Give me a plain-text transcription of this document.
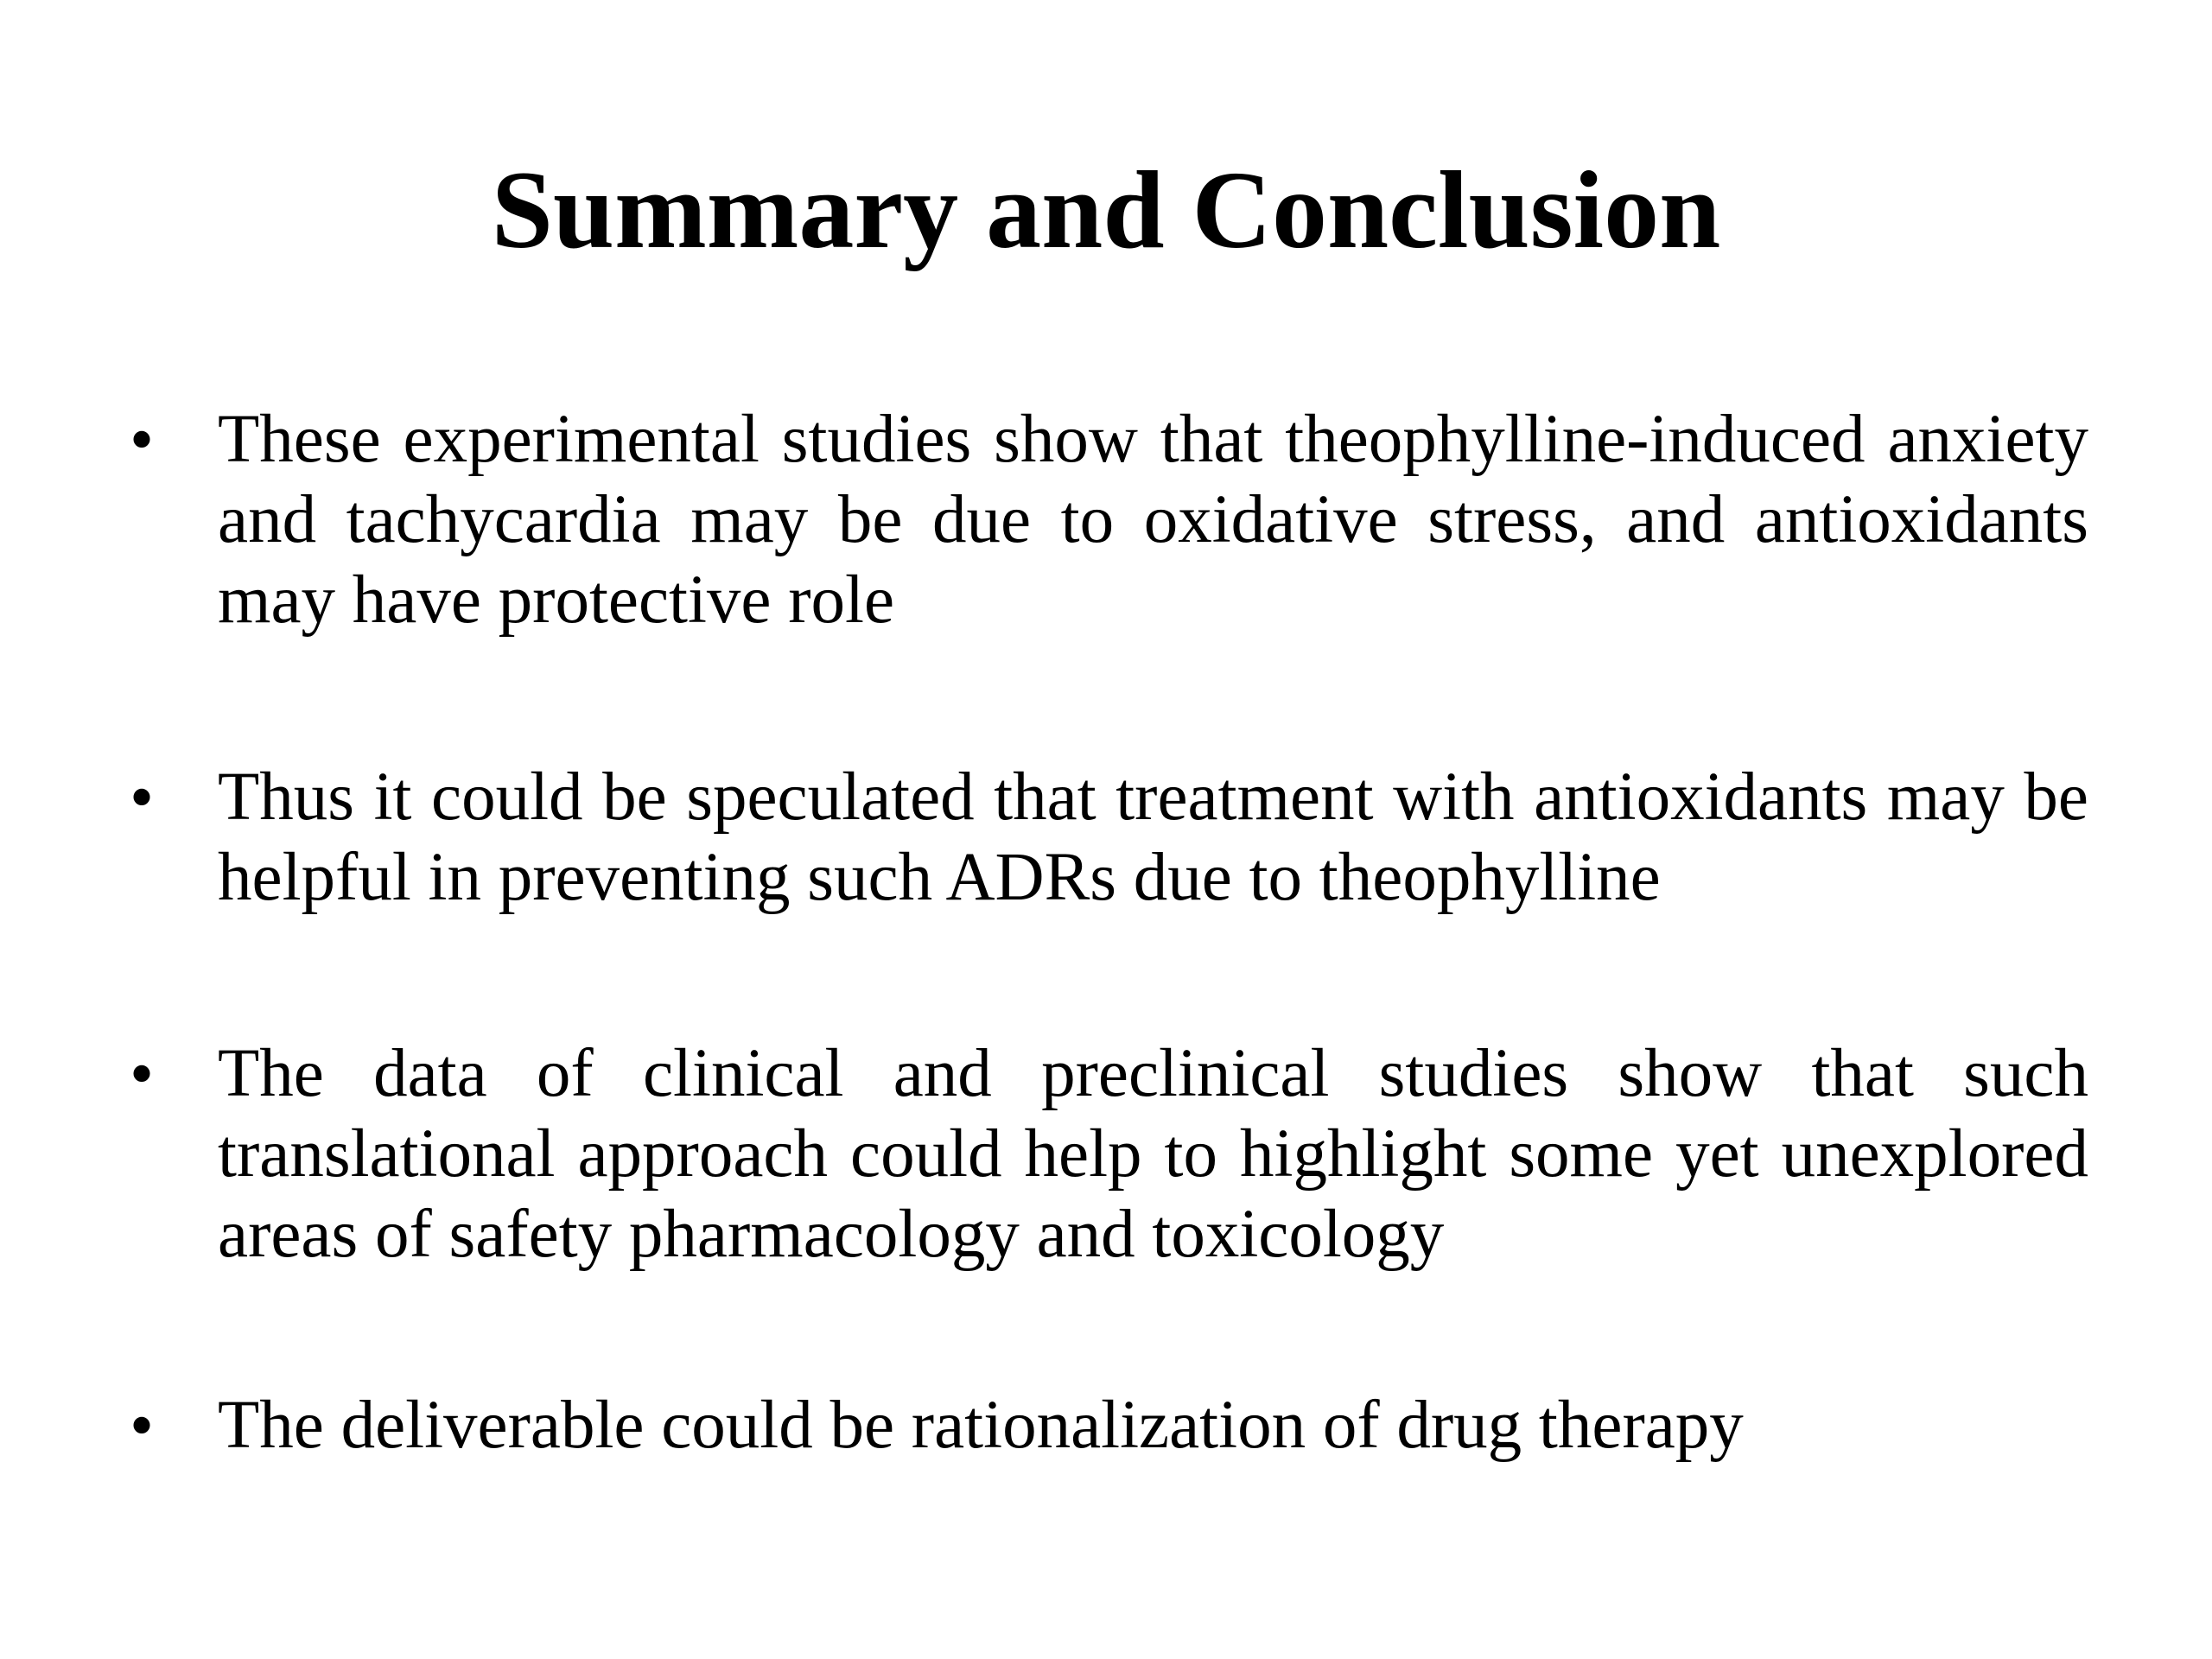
Summary and Conclusion
• These experimental studies show that theophylline-induced anxiety and tachycardia may be due to oxidative stress, and antioxidants may have protective role
• Thus it could be speculated that treatment with antioxidants may be helpful in preventing such ADRs due to theophylline
• The data of clinical and preclinical studies show that such translational approach could help to highlight some yet unexplored areas of safety pharmacology and toxicology
• The deliverable could be rationalization of drug therapy
